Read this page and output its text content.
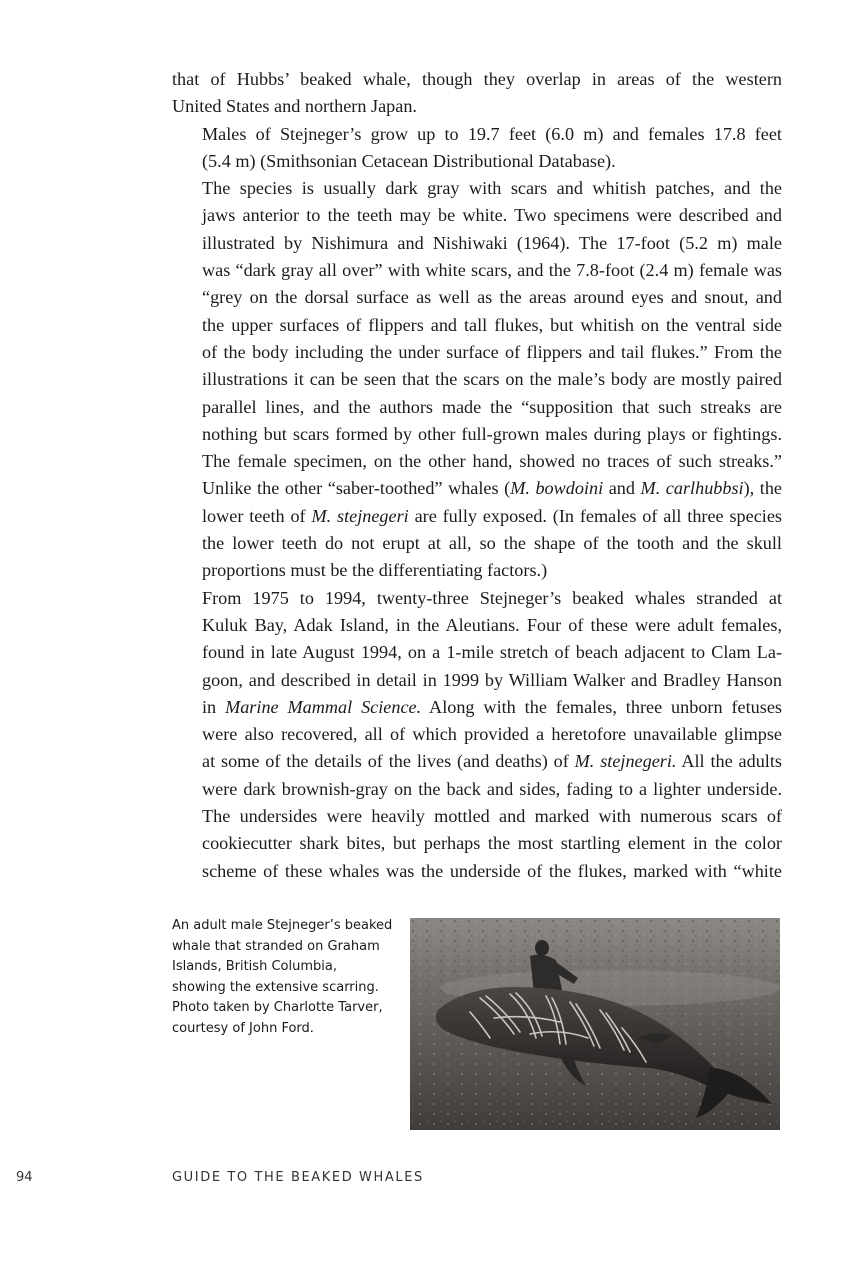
that of Hubbs’ beaked whale, though they overlap in areas of the western
United States and northern Japan.

Males of Stejneger’s grow up to 19.7 feet (6.0 m) and females 17.8 feet
(5.4 m) (Smithsonian Cetacean Distributional Database).

The species is usually dark gray with scars and whitish patches, and the
jaws anterior to the teeth may be white. Two specimens were described and
illustrated by Nishimura and Nishiwaki (1964). The 17-foot (5.2 m) male
was “dark gray all over” with white scars, and the 7.8-foot (2.4 m) female was
“grey on the dorsal surface as well as the areas around eyes and snout, and
the upper surfaces of flippers and tall flukes, but whitish on the ventral side
of the body including the under surface of flippers and tail flukes.” From the
illustrations it can be seen that the scars on the male’s body are mostly paired
parallel lines, and the authors made the “supposition that such streaks are
nothing but scars formed by other full-grown males during plays or fightings.
The female specimen, on the other hand, showed no traces of such streaks.”
Unlike the other “saber-toothed” whales (M. bowdoini and M. carlhubbsi), the
lower teeth of M. stejnegeri are fully exposed. (In females of all three species
the lower teeth do not erupt at all, so the shape of the tooth and the skull
proportions must be the differentiating factors.)

From 1975 to 1994, twenty-three Stejneger’s beaked whales stranded at
Kuluk Bay, Adak Island, in the Aleutians. Four of these were adult females,
found in late August 1994, on a 1-mile stretch of beach adjacent to Clam La-
goon, and described in detail in 1999 by William Walker and Bradley Hanson
in Marine Mammal Science. Along with the females, three unborn fetuses
were also recovered, all of which provided a heretofore unavailable glimpse
at some of the details of the lives (and deaths) of M. stejnegeri. All the adults
were dark brownish-gray on the back and sides, fading to a lighter underside.
The undersides were heavily mottled and marked with numerous scars of
cookiecutter shark bites, but perhaps the most startling element in the color
scheme of these whales was the underside of the flukes, marked with “white

An adult male Stejneger’s beaked
whale that stranded on Graham
Islands, British Columbia,
showing the extensive scarring.
Photo taken by Charlotte Tarver,
courtesy of John Ford.
94	GUIDE TO THE BEAKED WHALES
